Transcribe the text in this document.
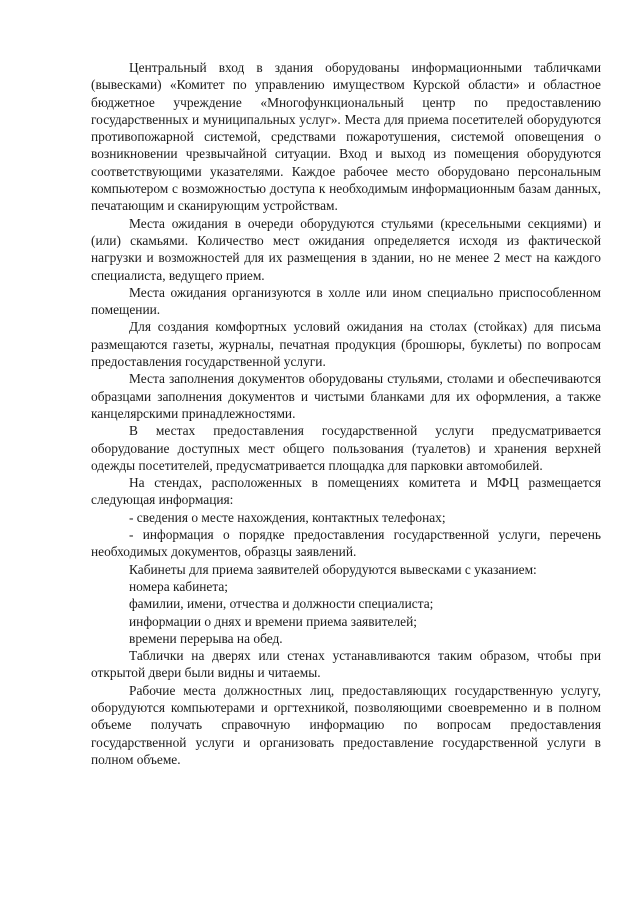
Центральный вход в здания оборудованы информационными табличками (вывесками) «Комитет по управлению имуществом Курской области» и областное бюджетное учреждение «Многофункциональный центр по предоставлению государственных и муниципальных услуг». Места для приема посетителей оборудуются противопожарной системой, средствами пожаротушения, системой оповещения о возникновении чрезвычайной ситуации. Вход и выход из помещения оборудуются соответствующими указателями. Каждое рабочее место оборудовано персональным компьютером с возможностью доступа к необходимым информационным базам данных, печатающим и сканирующим устройствам.

Места ожидания в очереди оборудуются стульями (кресельными секциями) и (или) скамьями. Количество мест ожидания определяется исходя из фактической нагрузки и возможностей для их размещения в здании, но не менее 2 мест на каждого специалиста, ведущего прием.

Места ожидания организуются в холле или ином специально приспособленном помещении.

Для создания комфортных условий ожидания на столах (стойках) для письма размещаются газеты, журналы, печатная продукция (брошюры, буклеты) по вопросам предоставления государственной услуги.

Места заполнения документов оборудованы стульями, столами и обеспечиваются образцами заполнения документов и чистыми бланками для их оформления, а также канцелярскими принадлежностями.

В местах предоставления государственной услуги предусматривается оборудование доступных мест общего пользования (туалетов) и хранения верхней одежды посетителей, предусматривается площадка для парковки автомобилей.

На стендах, расположенных в помещениях комитета и МФЦ размещается следующая информация:

- сведения о месте нахождения, контактных телефонах;

- информация о порядке предоставления государственной услуги, перечень необходимых документов, образцы заявлений.

Кабинеты для приема заявителей оборудуются вывесками с указанием:

номера кабинета;

фамилии, имени, отчества и должности специалиста;

информации о днях и времени приема заявителей;

времени перерыва на обед.

Таблички на дверях или стенах устанавливаются таким образом, чтобы при открытой двери были видны и читаемы.

Рабочие места должностных лиц, предоставляющих государственную услугу, оборудуются компьютерами и оргтехникой, позволяющими своевременно и в полном объеме получать справочную информацию по вопросам предоставления государственной услуги и организовать предоставление государственной услуги в полном объеме.
